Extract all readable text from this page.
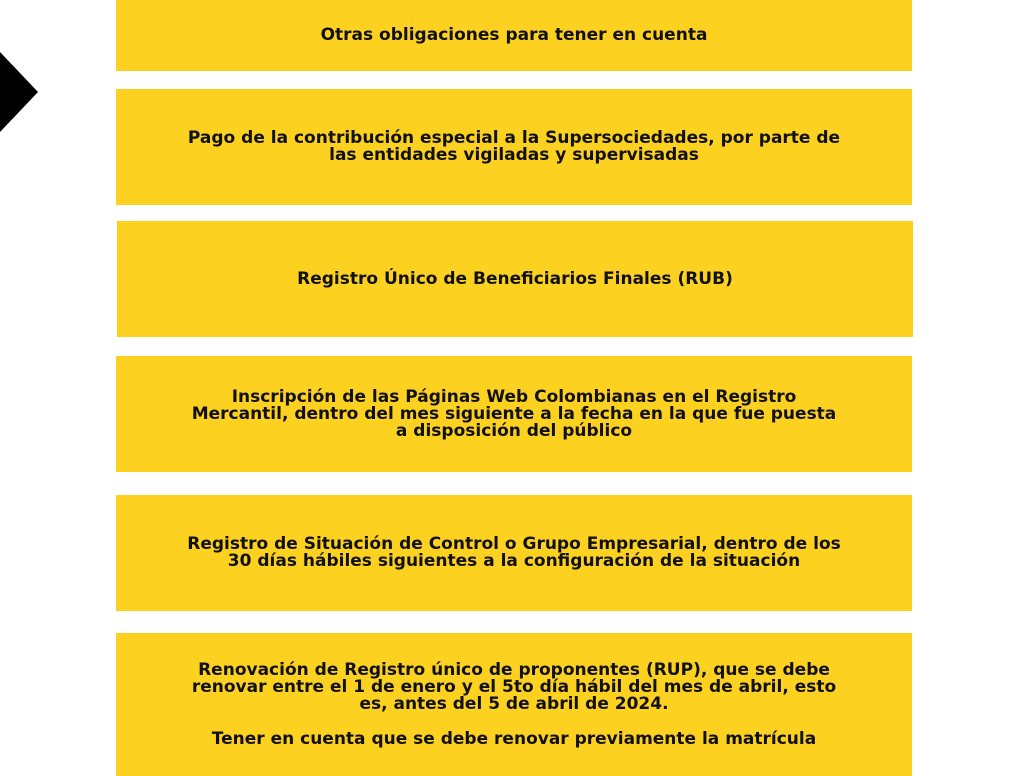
Otras obligaciones para tener en cuenta

Pago de la contribución especial a la Supersociedades, por parte de las entidades vigiladas y supervisadas

Registro Único de Beneficiarios Finales (RUB)

Inscripción de las Páginas Web Colombianas en el Registro Mercantil, dentro del mes siguiente a la fecha en la que fue puesta a disposición del público

Registro de Situación de Control o Grupo Empresarial, dentro de los 30 días hábiles siguientes a la configuración de la situación

Renovación de Registro único de proponentes (RUP), que se debe renovar entre el 1 de enero y el 5to día hábil del mes de abril, esto es, antes del 5 de abril de 2024.

Tener en cuenta que se debe renovar previamente la matrícula
